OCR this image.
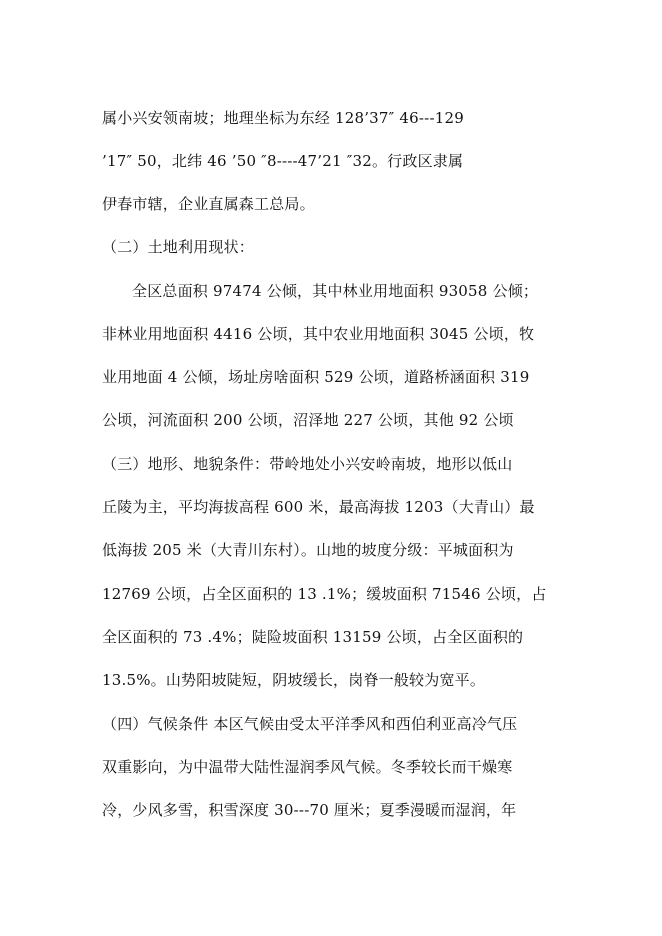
属小兴安领南坡；地理坐标为东经 128’37″ 46---129
’17″ 50，北纬 46 ’50 ″8----47’21 ″32。行政区隶属
伊春市辖，企业直属森工总局。
（二）土地利用现状：
全区总面积 97474 公倾，其中林业用地面积 93058 公倾；
非林业用地面积 4416 公顷，其中农业用地面积 3045 公顷，牧
业用地面 4 公倾，场址房啥面积 529 公顷，道路桥涵面积 319
公顷，河流面积 200 公顷，沼泽地 227 公顷，其他 92 公顷
（三）地形、地貌条件：带岭地处小兴安岭南坡，地形以低山
丘陵为主，平均海拔高程 600 米，最高海拔 1203（大青山）最
低海拔 205 米（大青川东村）。山地的坡度分级：平城面积为
12769 公顷，占全区面积的 13 .1%；缓坡面积 71546 公顷，占
全区面积的 73 .4%；陡险坡面积 13159 公顷，占全区面积的
13.5%。山势阳坡陡短，阴坡缓长，岗脊一般较为宽平。
（四）气候条件 本区气候由受太平洋季风和西伯利亚高冷气压
双重影向，为中温带大陆性湿润季风气候。冬季较长而干燥寒
冷，少风多雪，积雪深度 30---70 厘米；夏季漫暖而湿润，年
